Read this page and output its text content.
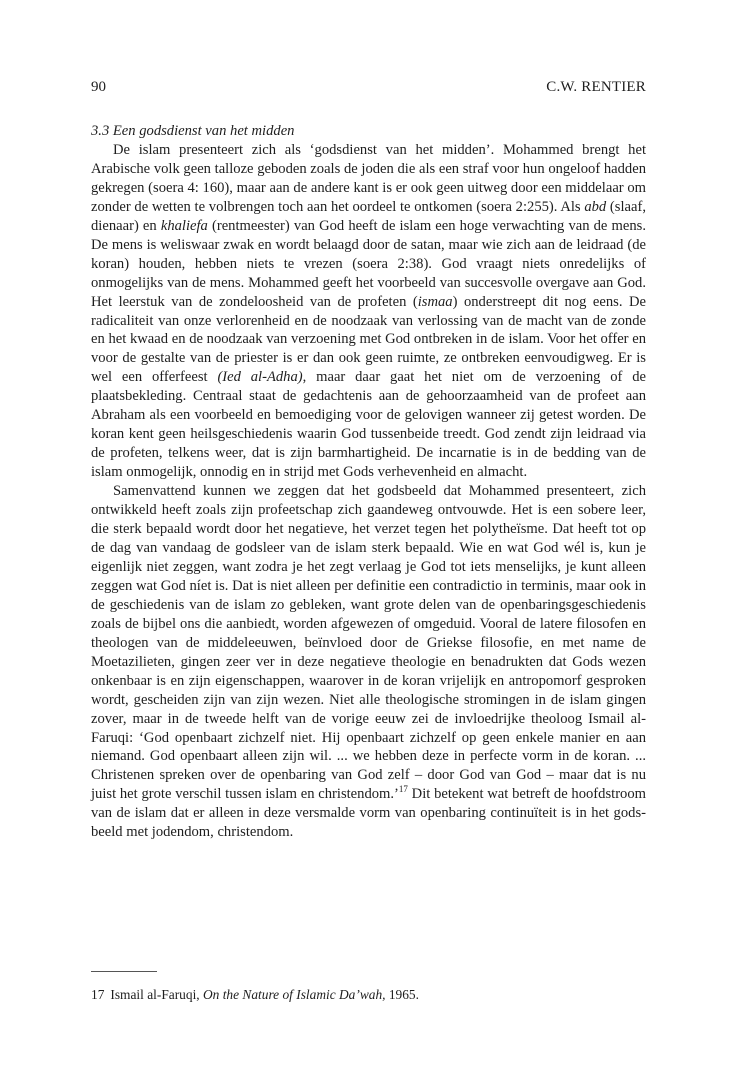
90	C.W. RENTIER
3.3 Een godsdienst van het midden

De islam presenteert zich als ‘godsdienst van het midden’. Mohammed brengt het Arabische volk geen talloze geboden zoals de joden die als een straf voor hun ongeloof hadden gekregen (soera 4: 160), maar aan de andere kant is er ook geen uitweg door een middelaar om zonder de wetten te volbrengen toch aan het oordeel te ontkomen (soera 2:255). Als abd (slaaf, dienaar) en khaliefa (rentmeester) van God heeft de islam een hoge verwachting van de mens. De mens is weliswaar zwak en wordt belaagd door de satan, maar wie zich aan de leidraad (de koran) houden, hebben niets te vrezen (soera 2:38). God vraagt niets onredelijks of onmogelijks van de mens. Mohammed geeft het voorbeeld van succesvolle overgave aan God. Het leerstuk van de zondeloosheid van de profeten (ismaa) onderstreept dit nog eens. De radicaliteit van onze verlorenheid en de noodzaak van verlossing van de macht van de zonde en het kwaad en de noodzaak van verzoening met God ontbreken in de islam. Voor het offer en voor de gestalte van de priester is er dan ook geen ruimte, ze ontbreken eenvoudigweg. Er is wel een offerfeest (Ied al-Adha), maar daar gaat het niet om de verzoening of de plaatsbekleding. Centraal staat de gedachtenis aan de gehoorzaamheid van de profeet aan Abraham als een voorbeeld en bemoediging voor de gelovigen wanneer zij getest worden. De koran kent geen heilsgeschiedenis waarin God tussenbeide treedt. God zendt zijn leidraad via de profeten, telkens weer, dat is zijn barmhartigheid. De incarnatie is in de bedding van de islam onmogelijk, onnodig en in strijd met Gods verhevenheid en almacht.

Samenvattend kunnen we zeggen dat het godsbeeld dat Mohammed presenteert, zich ontwikkeld heeft zoals zijn profeetschap zich gaandeweg ontvouwde. Het is een sobere leer, die sterk bepaald wordt door het negatieve, het verzet tegen het polytheïsme. Dat heeft tot op de dag van vandaag de godsleer van de islam sterk bepaald. Wie en wat God wél is, kun je eigenlijk niet zeggen, want zodra je het zegt verlaag je God tot iets menselijks, je kunt alleen zeggen wat God níet is. Dat is niet alleen per definitie een contradictio in terminis, maar ook in de geschiedenis van de islam zo gebleken, want grote delen van de openbaringsgeschiedenis zoals de bijbel ons die aanbiedt, worden afgewezen of omgeduid. Vooral de latere filosofen en theologen van de middeleeuwen, beïnvloed door de Griekse filosofie, en met name de Moetazilieten, gingen zeer ver in deze negatieve theologie en benadrukten dat Gods wezen onkenbaar is en zijn eigenschappen, waarover in de koran vrijelijk en antropomorf gesproken wordt, gescheiden zijn van zijn wezen. Niet alle theologische stromingen in de islam gingen zover, maar in de tweede helft van de vorige eeuw zei de invloedrijke theoloog Ismail al-Faruqi: ‘God openbaart zichzelf niet. Hij openbaart zichzelf op geen enkele manier en aan niemand. God openbaart alleen zijn wil. ... we hebben deze in perfecte vorm in de koran. ... Christenen spreken over de openbaring van God zelf – door God van God – maar dat is nu juist het grote verschil tussen islam en christendom.’$^{17}$ Dit betekent wat betreft de hoofdstroom van de islam dat er alleen in deze versmalde vorm van openbaring continuïteit is in het godsbeeld met jodendom, christendom.

17 Ismail al-Faruqi, On the Nature of Islamic Da’wah, 1965.
